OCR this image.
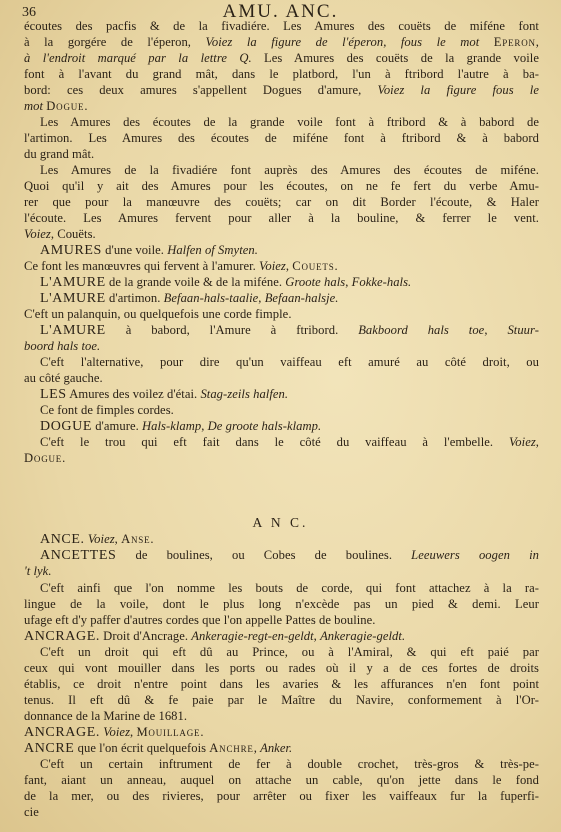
36	AMU. ANC.
A N C.
écoutes des pacfis & de la fivadiére. Les Amures des couëts de miféne font
à la gorgére de l'éperon, Voiez la figure de l'éperon, fous le mot Eperon,
à l'endroit marqué par la lettre Q. Les Amures des couëts de la grande voile
font à l'avant du grand mât, dans le platbord, l'un à ftribord l'autre à ba-
bord: ces deux amures s'appellent Dogues d'amure, Voiez la figure fous le
mot Dogue.
Les Amures des écoutes de la grande voile font à ftribord & à babord de
l'artimon. Les Amures des écoutes de miféne font à ftribord & à babord
du grand mât.
Les Amures de la fivadiére font auprès des Amures des écoutes de miféne.
Quoi qu'il y ait des Amures pour les écoutes, on ne fe fert du verbe Amu-
rer que pour la manœuvre des couëts; car on dit Border l'écoute, & Haler
l'écoute. Les Amures fervent pour aller à la bouline, & ferrer le vent.
Voiez, Couëts.
AMURES d'une voile. Halfen of Smyten.
Ce font les manœuvres qui fervent à l'amurer. Voiez, Couets.
L'AMURE de la grande voile & de la miféne. Groote hals, Fokke-hals.
L'AMURE d'artimon. Befaan-hals-taalie, Befaan-halsje.
C'eft un palanquin, ou quelquefois une corde fimple.
L'AMURE à babord, l'Amure à ftribord. Bakboord hals toe, Stuur-
boord hals toe.
C'eft l'alternative, pour dire qu'un vaiffeau eft amuré au côté droit, ou
au côté gauche.
LES Amures des voilez d'étai. Stag-zeils halfen.
Ce font de fimples cordes.
DOGUE d'amure. Hals-klamp, De groote hals-klamp.
C'eft le trou qui eft fait dans le côté du vaiffeau à l'embelle. Voiez,
Dogue.
ANCE. Voiez, Anse.
ANCETTES de boulines, ou Cobes de boulines. Leeuwers oogen in
't lyk.
C'eft ainfi que l'on nomme les bouts de corde, qui font attachez à la ra-
lingue de la voile, dont le plus long n'excède pas un pied & demi. Leur
ufage eft d'y paffer d'autres cordes que l'on appelle Pattes de bouline.
ANCRAGE. Droit d'Ancrage. Ankeragie-regt-en-geldt, Ankeragie-geldt.
C'eft un droit qui eft dû au Prince, ou à l'Amiral, & qui eft paié par
ceux qui vont mouiller dans les ports ou rades où il y a de ces fortes de droits
établis, ce droit n'entre point dans les avaries & les affurances n'en font point
tenus. Il eft dû & fe paie par le Maître du Navire, conformement à l'Or-
donnance de la Marine de 1681.
ANCRAGE. Voiez, Mouillage.
ANCRE que l'on écrit quelquefois Anchre, Anker.
C'eft un certain inftrument de fer à double crochet, très-gros & très-pe-
fant, aiant un anneau, auquel on attache un cable, qu'on jette dans le fond
de la mer, ou des rivieres, pour arrêter ou fixer les vaiffeaux fur la fuperfi-
cie
